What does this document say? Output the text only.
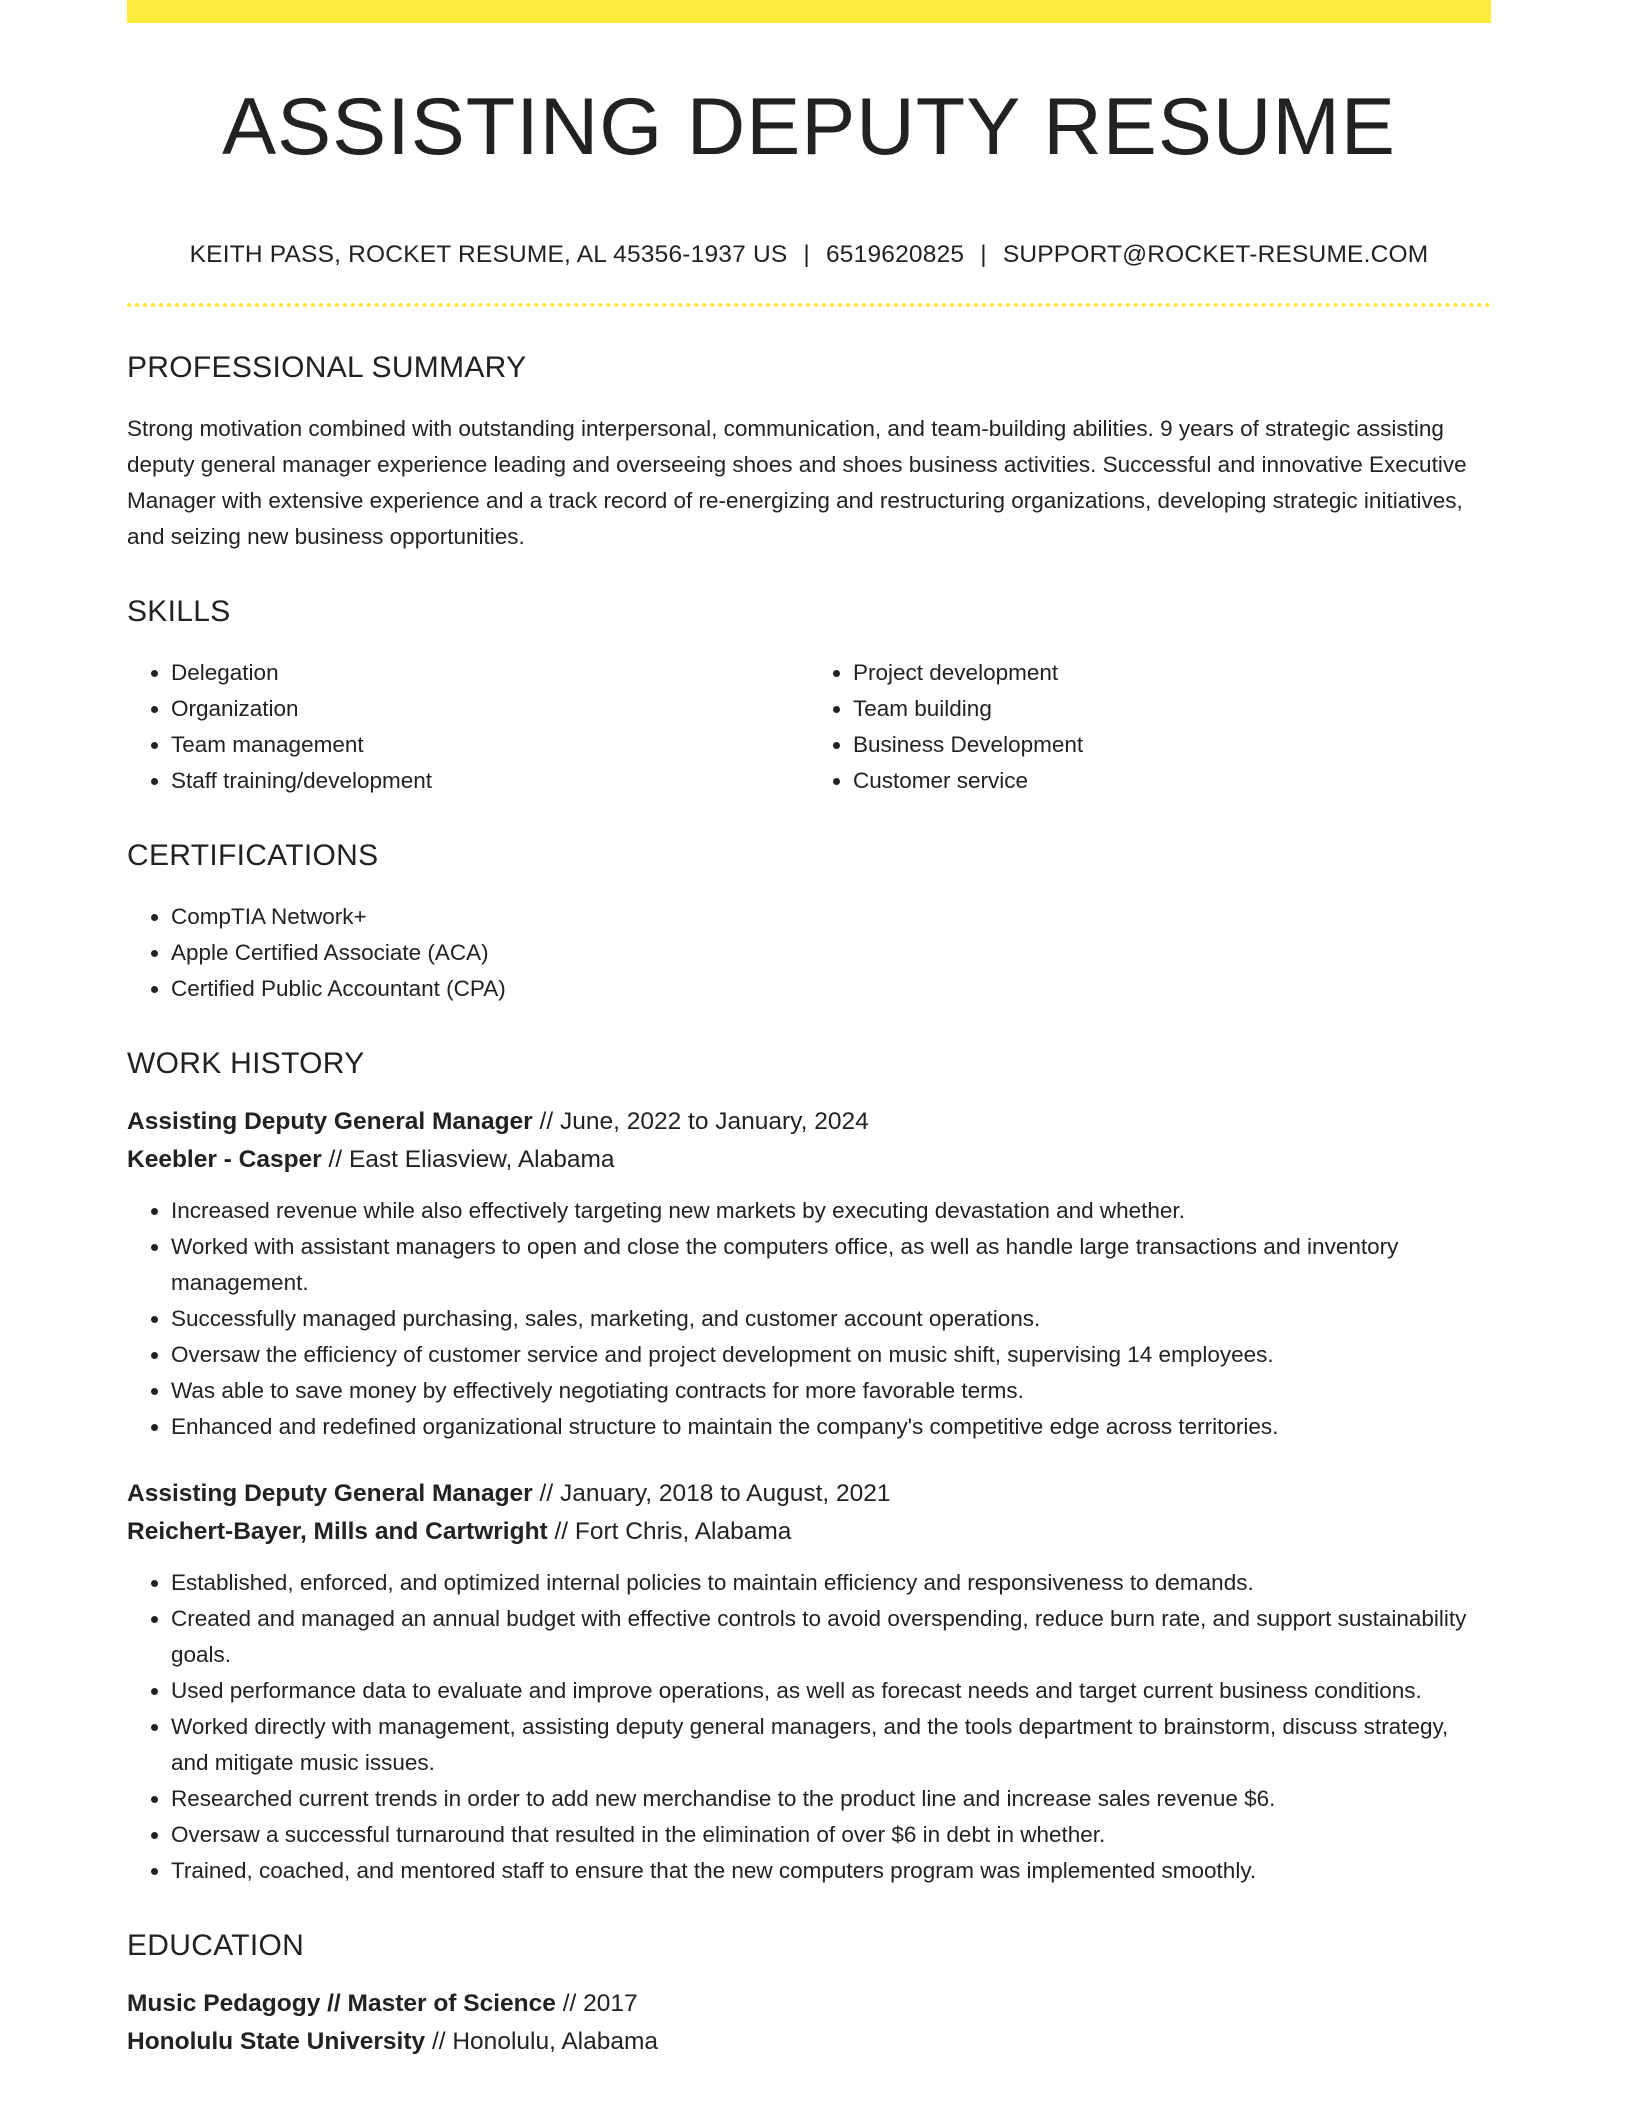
ASSISTING DEPUTY RESUME
KEITH PASS, ROCKET RESUME, AL 45356-1937 US | 6519620825 | SUPPORT@ROCKET-RESUME.COM
PROFESSIONAL SUMMARY

Strong motivation combined with outstanding interpersonal, communication, and team-building abilities. 9 years of strategic assisting deputy general manager experience leading and overseeing shoes and shoes business activities. Successful and innovative Executive Manager with extensive experience and a track record of re-energizing and restructuring organizations, developing strategic initiatives, and seizing new business opportunities.

SKILLS
• Delegation
• Organization
• Team management
• Staff training/development
• Project development
• Team building
• Business Development
• Customer service
CERTIFICATIONS
• CompTIA Network+
• Apple Certified Associate (ACA)
• Certified Public Accountant (CPA)
WORK HISTORY
Assisting Deputy General Manager // June, 2022 to January, 2024
Keebler - Casper // East Eliasview, Alabama
• Increased revenue while also effectively targeting new markets by executing devastation and whether.
• Worked with assistant managers to open and close the computers office, as well as handle large transactions and inventory management.
• Successfully managed purchasing, sales, marketing, and customer account operations.
• Oversaw the efficiency of customer service and project development on music shift, supervising 14 employees.
• Was able to save money by effectively negotiating contracts for more favorable terms.
• Enhanced and redefined organizational structure to maintain the company's competitive edge across territories.
Assisting Deputy General Manager // January, 2018 to August, 2021
Reichert-Bayer, Mills and Cartwright // Fort Chris, Alabama
• Established, enforced, and optimized internal policies to maintain efficiency and responsiveness to demands.
• Created and managed an annual budget with effective controls to avoid overspending, reduce burn rate, and support sustainability goals.
• Used performance data to evaluate and improve operations, as well as forecast needs and target current business conditions.
• Worked directly with management, assisting deputy general managers, and the tools department to brainstorm, discuss strategy, and mitigate music issues.
• Researched current trends in order to add new merchandise to the product line and increase sales revenue $6.
• Oversaw a successful turnaround that resulted in the elimination of over $6 in debt in whether.
• Trained, coached, and mentored staff to ensure that the new computers program was implemented smoothly.
EDUCATION
Music Pedagogy // Master of Science // 2017
Honolulu State University // Honolulu, Alabama
